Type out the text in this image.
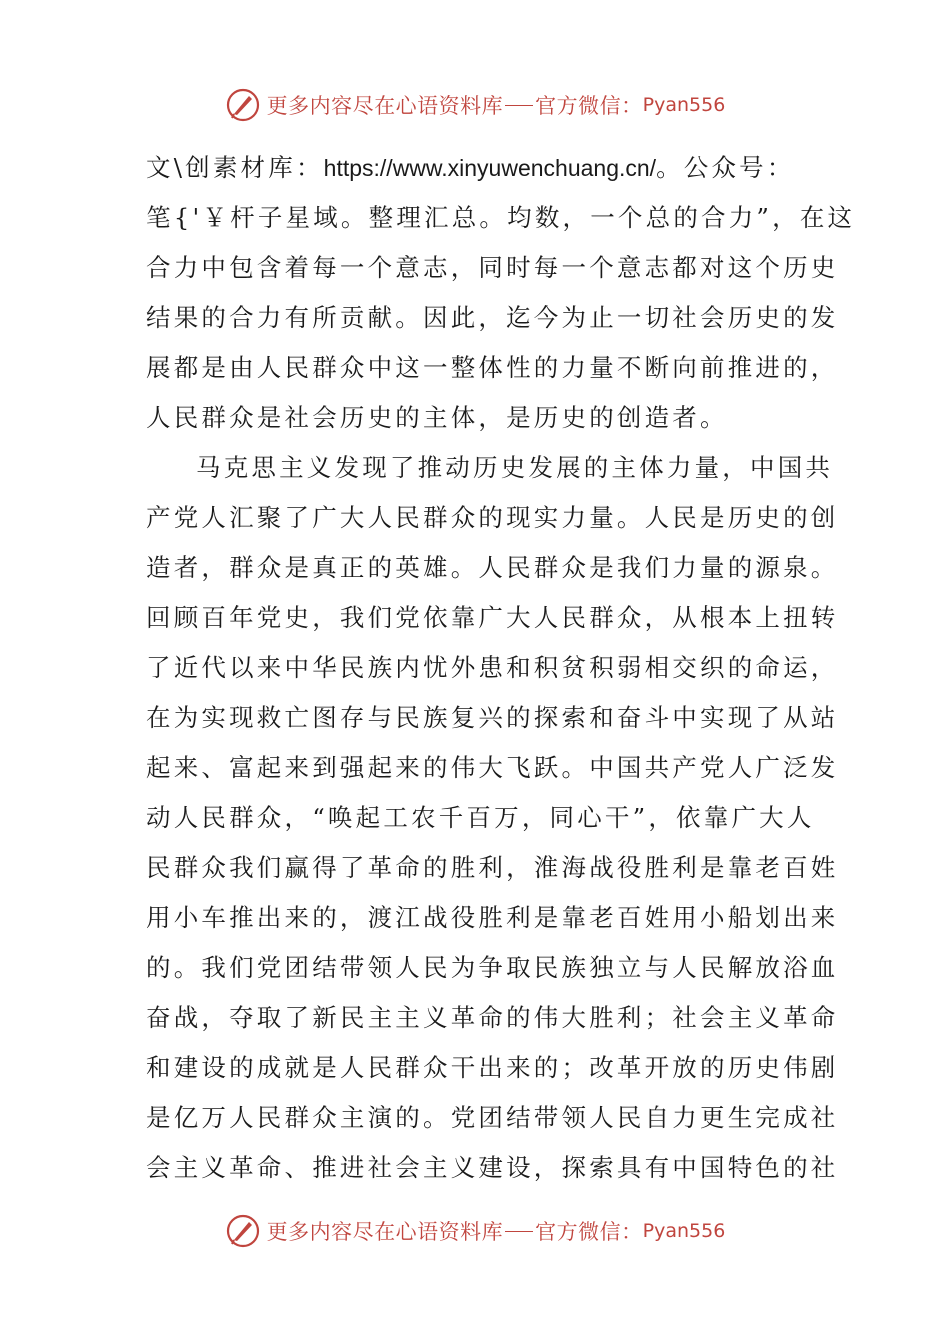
更多内容尽在心语资料库 官方微信： Pyan556
文\创素材库：https://www.xinyuwenchuang.cn/。公众号：
笔{'￥杆子星域。整理汇总。均数，一个总的合力”，在这
合力中包含着每一个意志，同时每一个意志都对这个历史
结果的合力有所贡献。因此，迄今为止一切社会历史的发
展都是由人民群众中这一整体性的力量不断向前推进的，
人民群众是社会历史的主体，是历史的创造者。
马克思主义发现了推动历史发展的主体力量，中国共
产党人汇聚了广大人民群众的现实力量。人民是历史的创
造者，群众是真正的英雄。人民群众是我们力量的源泉。
回顾百年党史，我们党依靠广大人民群众，从根本上扭转
了近代以来中华民族内忧外患和积贫积弱相交织的命运，
在为实现救亡图存与民族复兴的探索和奋斗中实现了从站
起来、富起来到强起来的伟大飞跃。中国共产党人广泛发
动人民群众，“唤起工农千百万，同心干”，依靠广大人
民群众我们赢得了革命的胜利，淮海战役胜利是靠老百姓
用小车推出来的，渡江战役胜利是靠老百姓用小船划出来
的。我们党团结带领人民为争取民族独立与人民解放浴血
奋战，夺取了新民主主义革命的伟大胜利；社会主义革命
和建设的成就是人民群众干出来的；改革开放的历史伟剧
是亿万人民群众主演的。党团结带领人民自力更生完成社
会主义革命、推进社会主义建设，探索具有中国特色的社
更多内容尽在心语资料库 官方微信： Pyan556
